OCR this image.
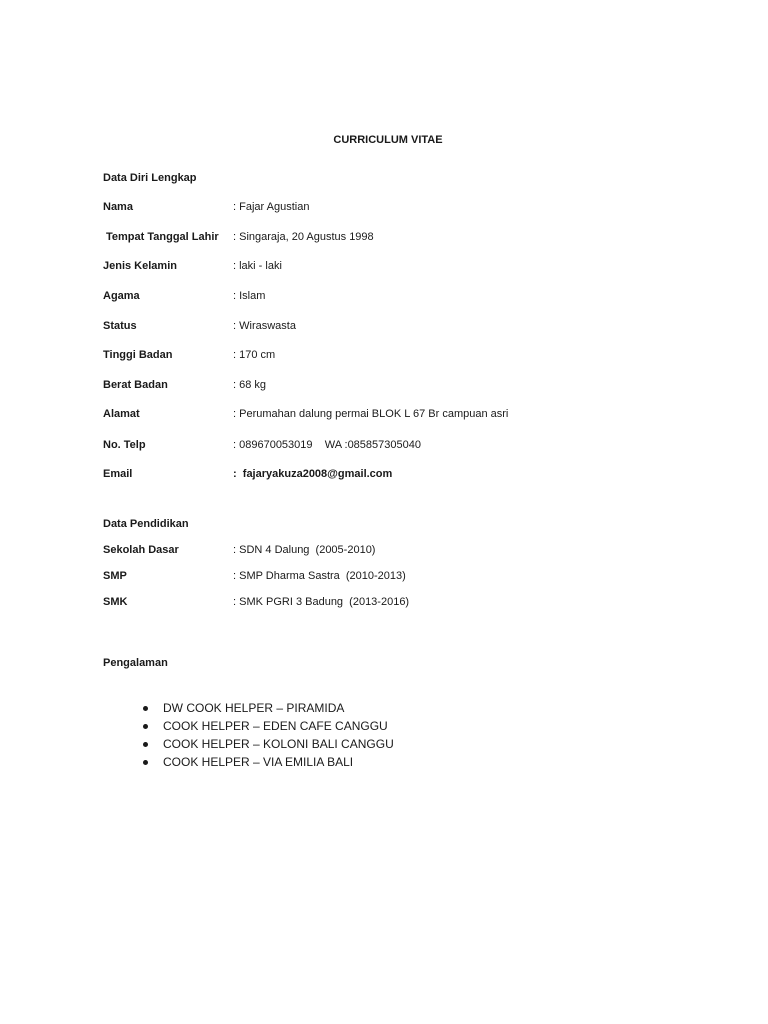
CURRICULUM VITAE
Data Diri Lengkap
Nama	: Fajar Agustian
Tempat Tanggal Lahir : Singaraja, 20 Agustus 1998
Jenis Kelamin	: laki - laki
Agama	: Islam
Status	: Wiraswasta
Tinggi Badan	: 170 cm
Berat Badan	: 68 kg
Alamat	: Perumahan dalung permai BLOK L 67 Br campuan asri
No. Telp	: 089670053019    WA :085857305040
Email	:  fajaryakuza2008@gmail.com
Data Pendidikan
Sekolah Dasar	: SDN 4 Dalung  (2005-2010)
SMP	: SMP Dharma Sastra  (2010-2013)
SMK	: SMK PGRI 3 Badung  (2013-2016)
Pengalaman
DW COOK HELPER – PIRAMIDA
COOK HELPER – EDEN CAFE CANGGU
COOK HELPER – KOLONI BALI CANGGU
COOK HELPER – VIA EMILIA BALI
